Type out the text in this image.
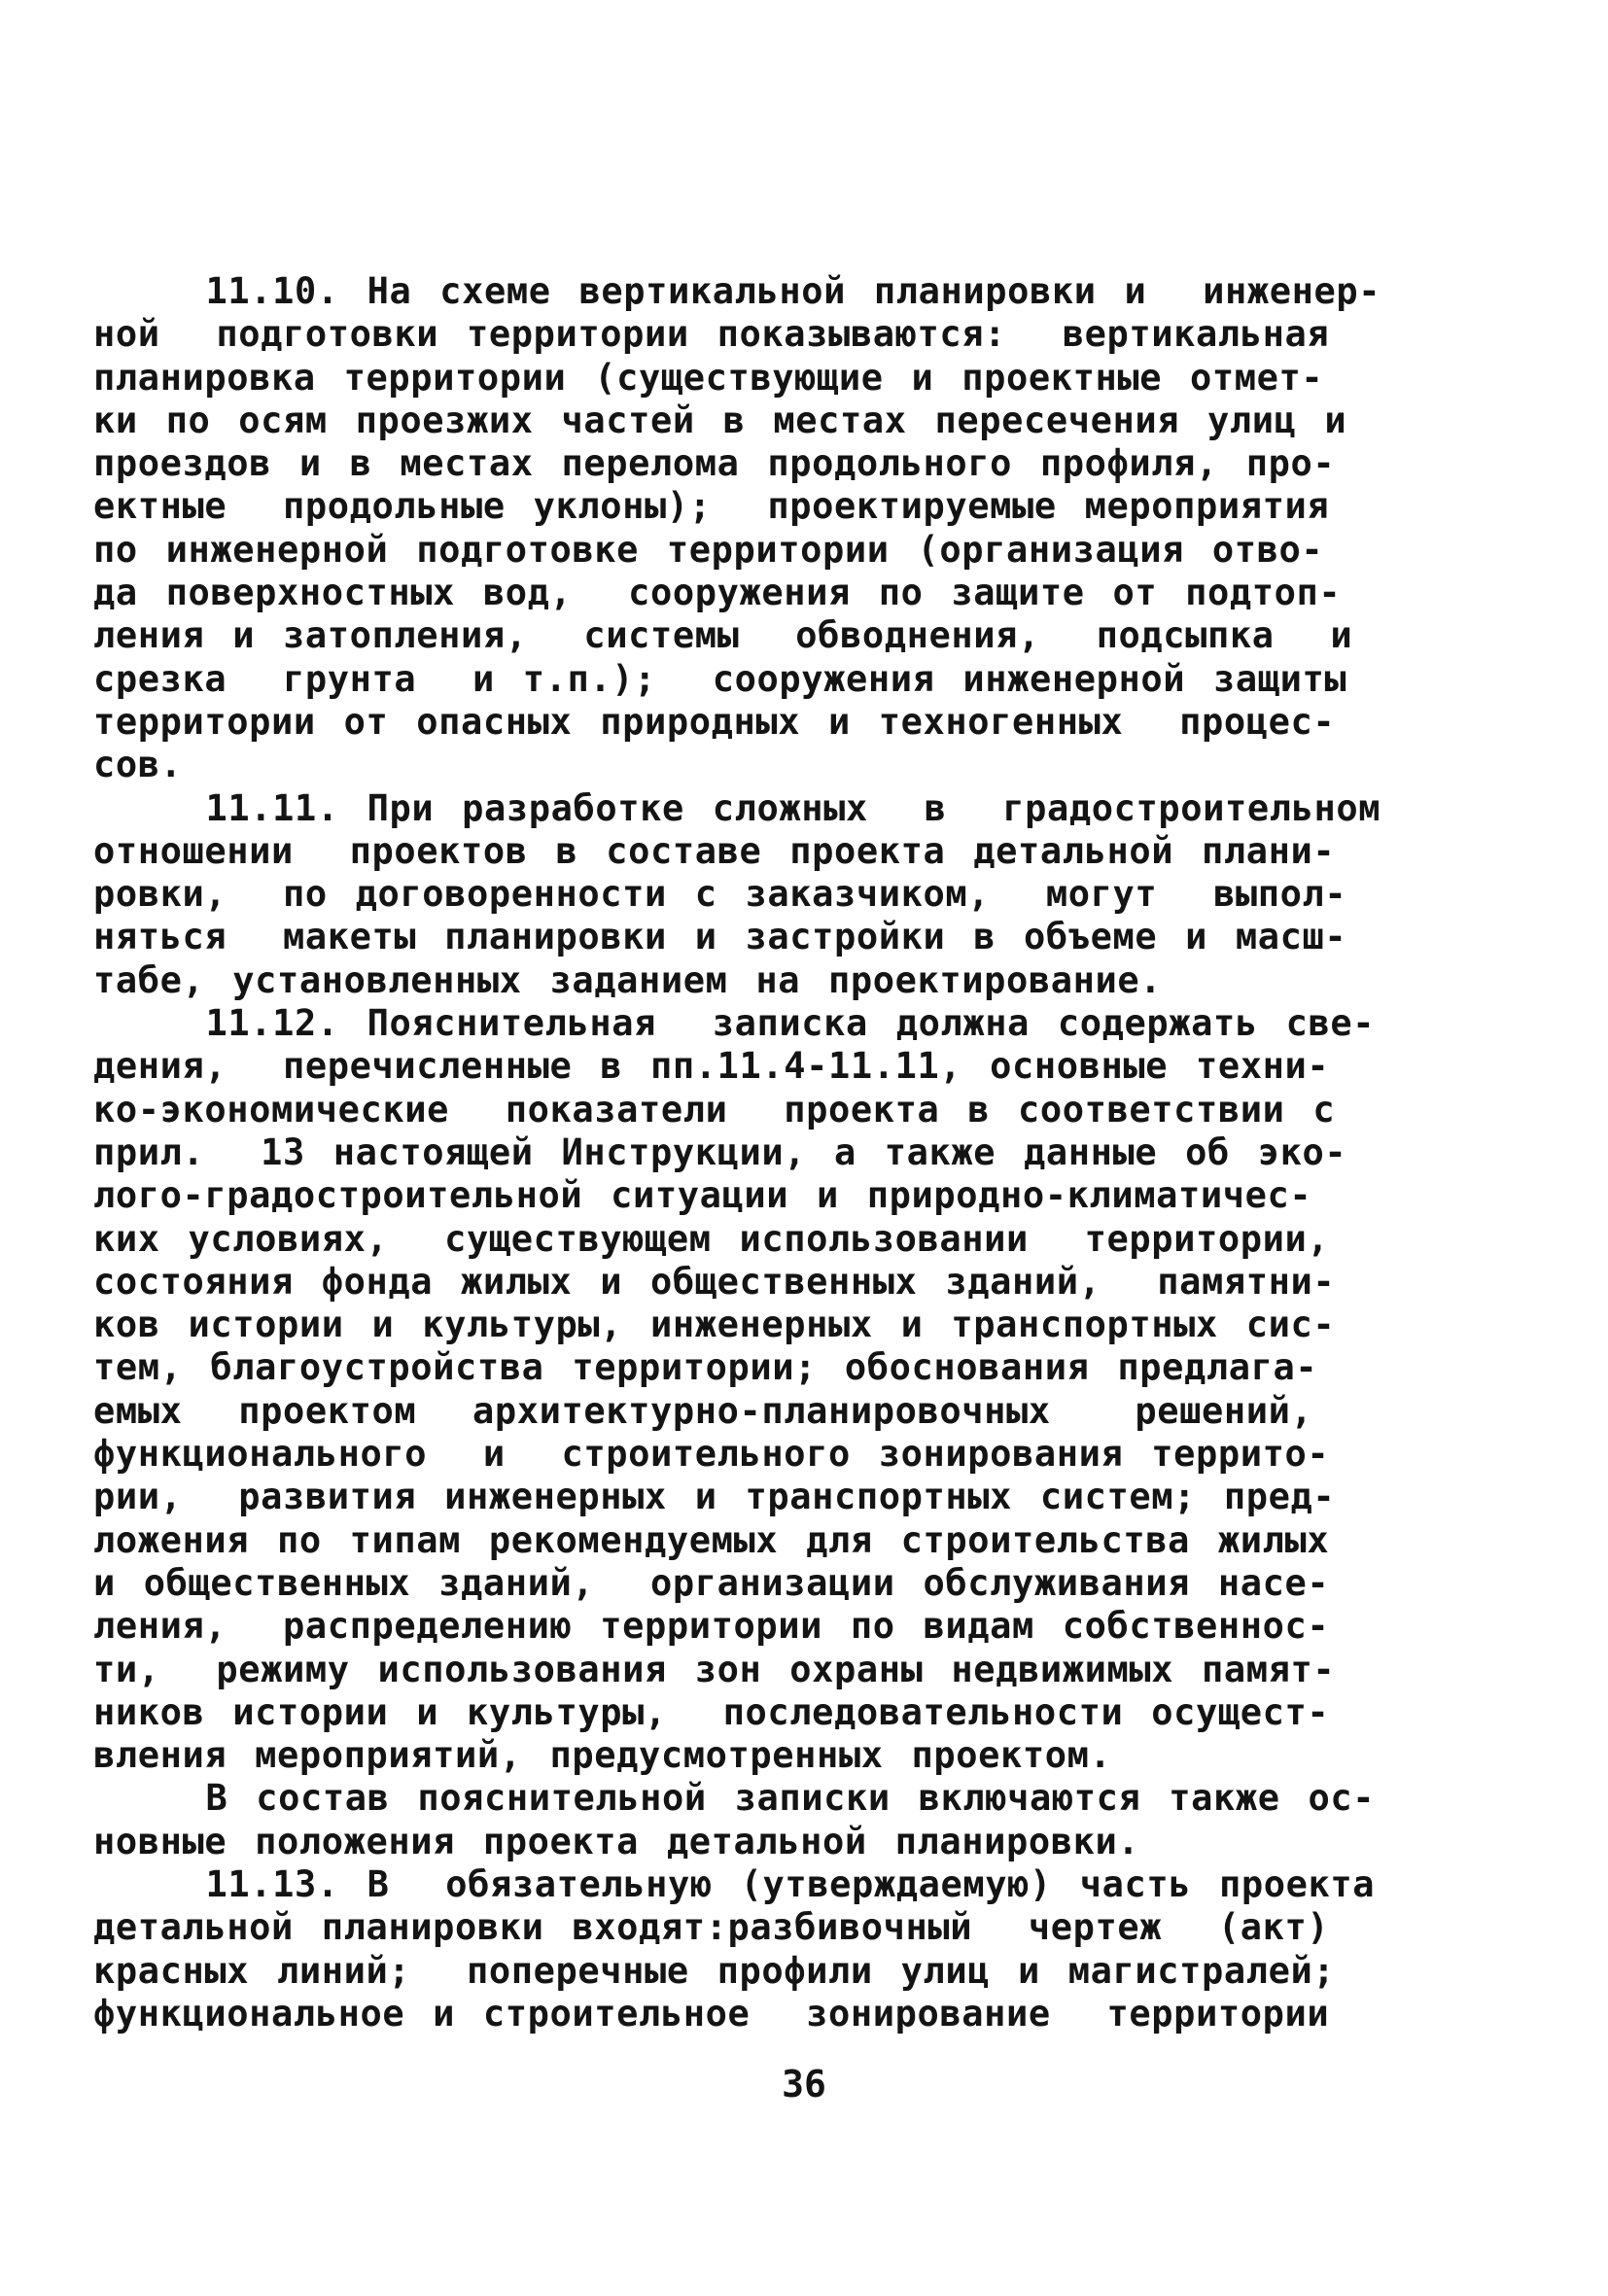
11.10. На схеме вертикальной планировки и  инженер-
ной  подготовки территории показываются:  вертикальная
планировка территории (существующие и проектные отмет-
ки по осям проезжих частей в местах пересечения улиц и
проездов и в местах перелома продольного профиля, про-
ектные  продольные уклоны);  проектируемые мероприятия
по инженерной подготовке территории (организация отво-
да поверхностных вод,  сооружения по защите от подтоп-
ления и затопления,  системы  обводнения,  подсыпка  и
срезка  грунта  и т.п.);  сооружения инженерной защиты
территории от опасных природных и техногенных  процес-
сов.
11.11. При разработке сложных  в  градостроительном
отношении  проектов в составе проекта детальной плани-
ровки,  по договоренности с заказчиком,  могут  выпол-
няться  макеты планировки и застройки в объеме и масш-
табе, установленных заданием на проектирование.
11.12. Пояснительная  записка должна содержать све-
дения,  перечисленные в пп.11.4-11.11, основные техни-
ко-экономические  показатели  проекта в соответствии с
прил.  13 настоящей Инструкции, а также данные об эко-
лого-градостроительной ситуации и природно-климатичес-
ких условиях,  существующем использовании  территории,
состояния фонда жилых и общественных зданий,  памятни-
ков истории и культуры, инженерных и транспортных сис-
тем, благоустройства территории; обоснования предлага-
емых  проектом  архитектурно-планировочных   решений,
функционального  и  строительного зонирования террито-
рии,  развития инженерных и транспортных систем; пред-
ложения по типам рекомендуемых для строительства жилых
и общественных зданий,  организации обслуживания насе-
ления,  распределению территории по видам собственнос-
ти,  режиму использования зон охраны недвижимых памят-
ников истории и культуры,  последовательности осущест-
вления мероприятий, предусмотренных проектом.
В состав пояснительной записки включаются также ос-
новные положения проекта детальной планировки.
11.13. В  обязательную (утверждаемую) часть проекта
детальной планировки входят:разбивочный  чертеж  (акт)
красных линий;  поперечные профили улиц и магистралей;
функциональное и строительное  зонирование  территории
36
